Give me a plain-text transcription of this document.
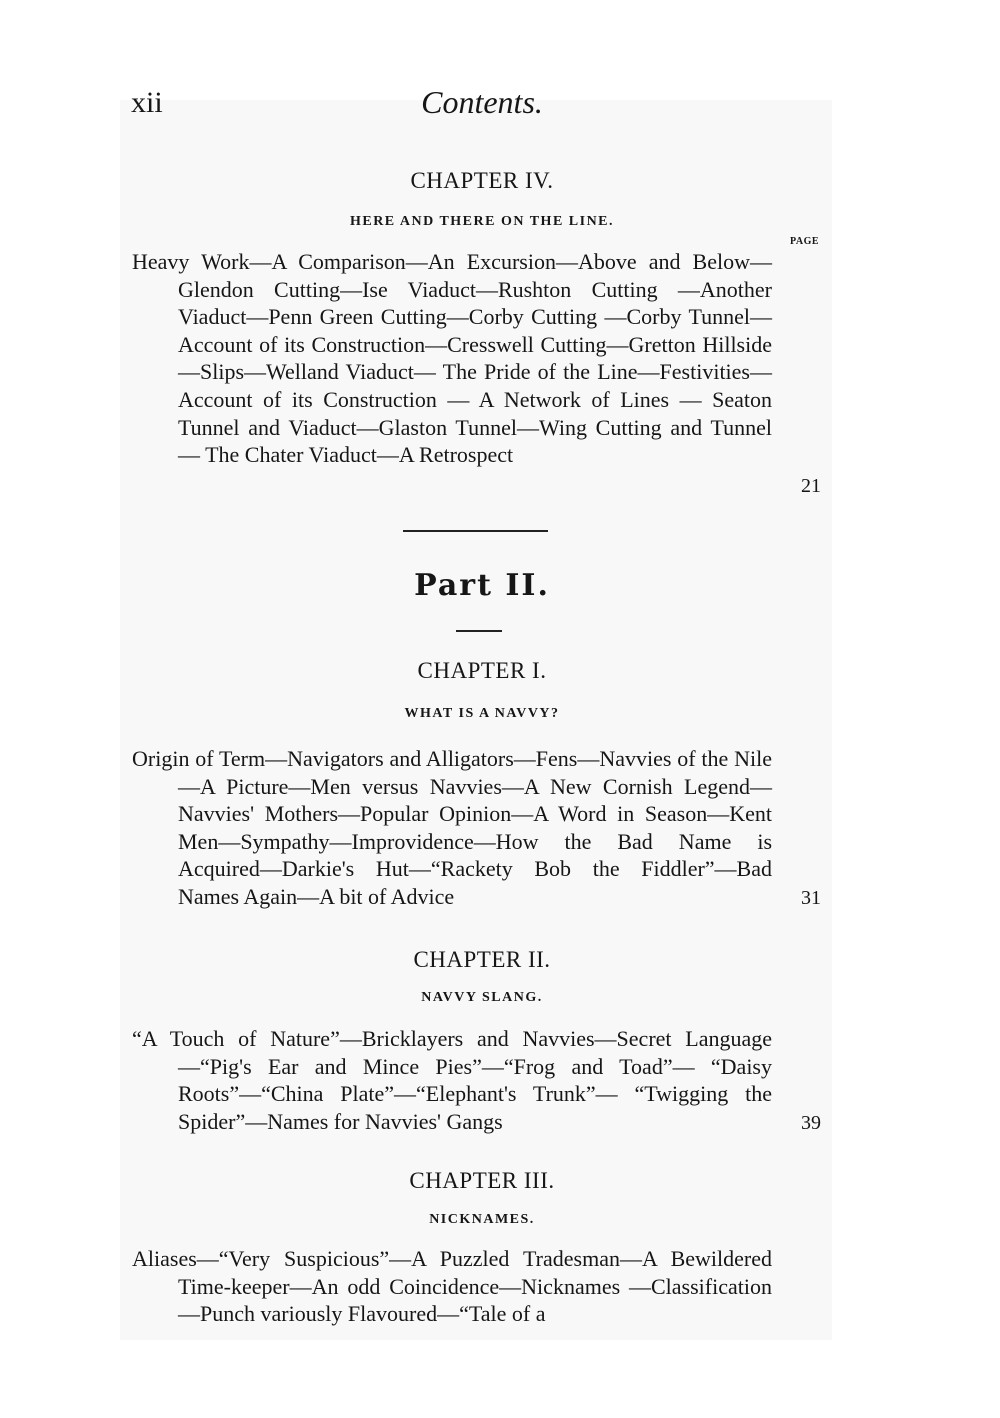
xii	Contents.
CHAPTER IV.
HERE AND THERE ON THE LINE.
PAGE
Heavy Work—A Comparison—An Excursion—Above and Below—Glendon Cutting—Ise Viaduct—Rushton Cutting —Another Viaduct—Penn Green Cutting—Corby Cutting —Corby Tunnel—Account of its Construction—Cresswell Cutting—Gretton Hillside—Slips—Welland Viaduct— The Pride of the Line—Festivities—Account of its Construction — A Network of Lines — Seaton Tunnel and Viaduct—Glaston Tunnel—Wing Cutting and Tunnel— The Chater Viaduct—A Retrospect
21
Part II.
CHAPTER I.
WHAT IS A NAVVY?
Origin of Term—Navigators and Alligators—Fens—Navvies of the Nile—A Picture—Men versus Navvies—A New Cornish Legend—Navvies' Mothers—Popular Opinion—A Word in Season—Kent Men—Sympathy—Improvidence—How the Bad Name is Acquired—Darkie's Hut—“Rackety Bob the Fiddler”—Bad Names Again—A bit of Advice	31
CHAPTER II.
NAVVY SLANG.
“A Touch of Nature”—Bricklayers and Navvies—Secret Language—“Pig's Ear and Mince Pies”—“Frog and Toad”— “Daisy Roots”—“China Plate”—“Elephant's Trunk”— “Twigging the Spider”—Names for Navvies' Gangs	39
CHAPTER III.
NICKNAMES.
Aliases—“Very Suspicious”—A Puzzled Tradesman—A Bewildered Time-keeper—An odd Coincidence—Nicknames —Classification—Punch variously Flavoured—“Tale of a
